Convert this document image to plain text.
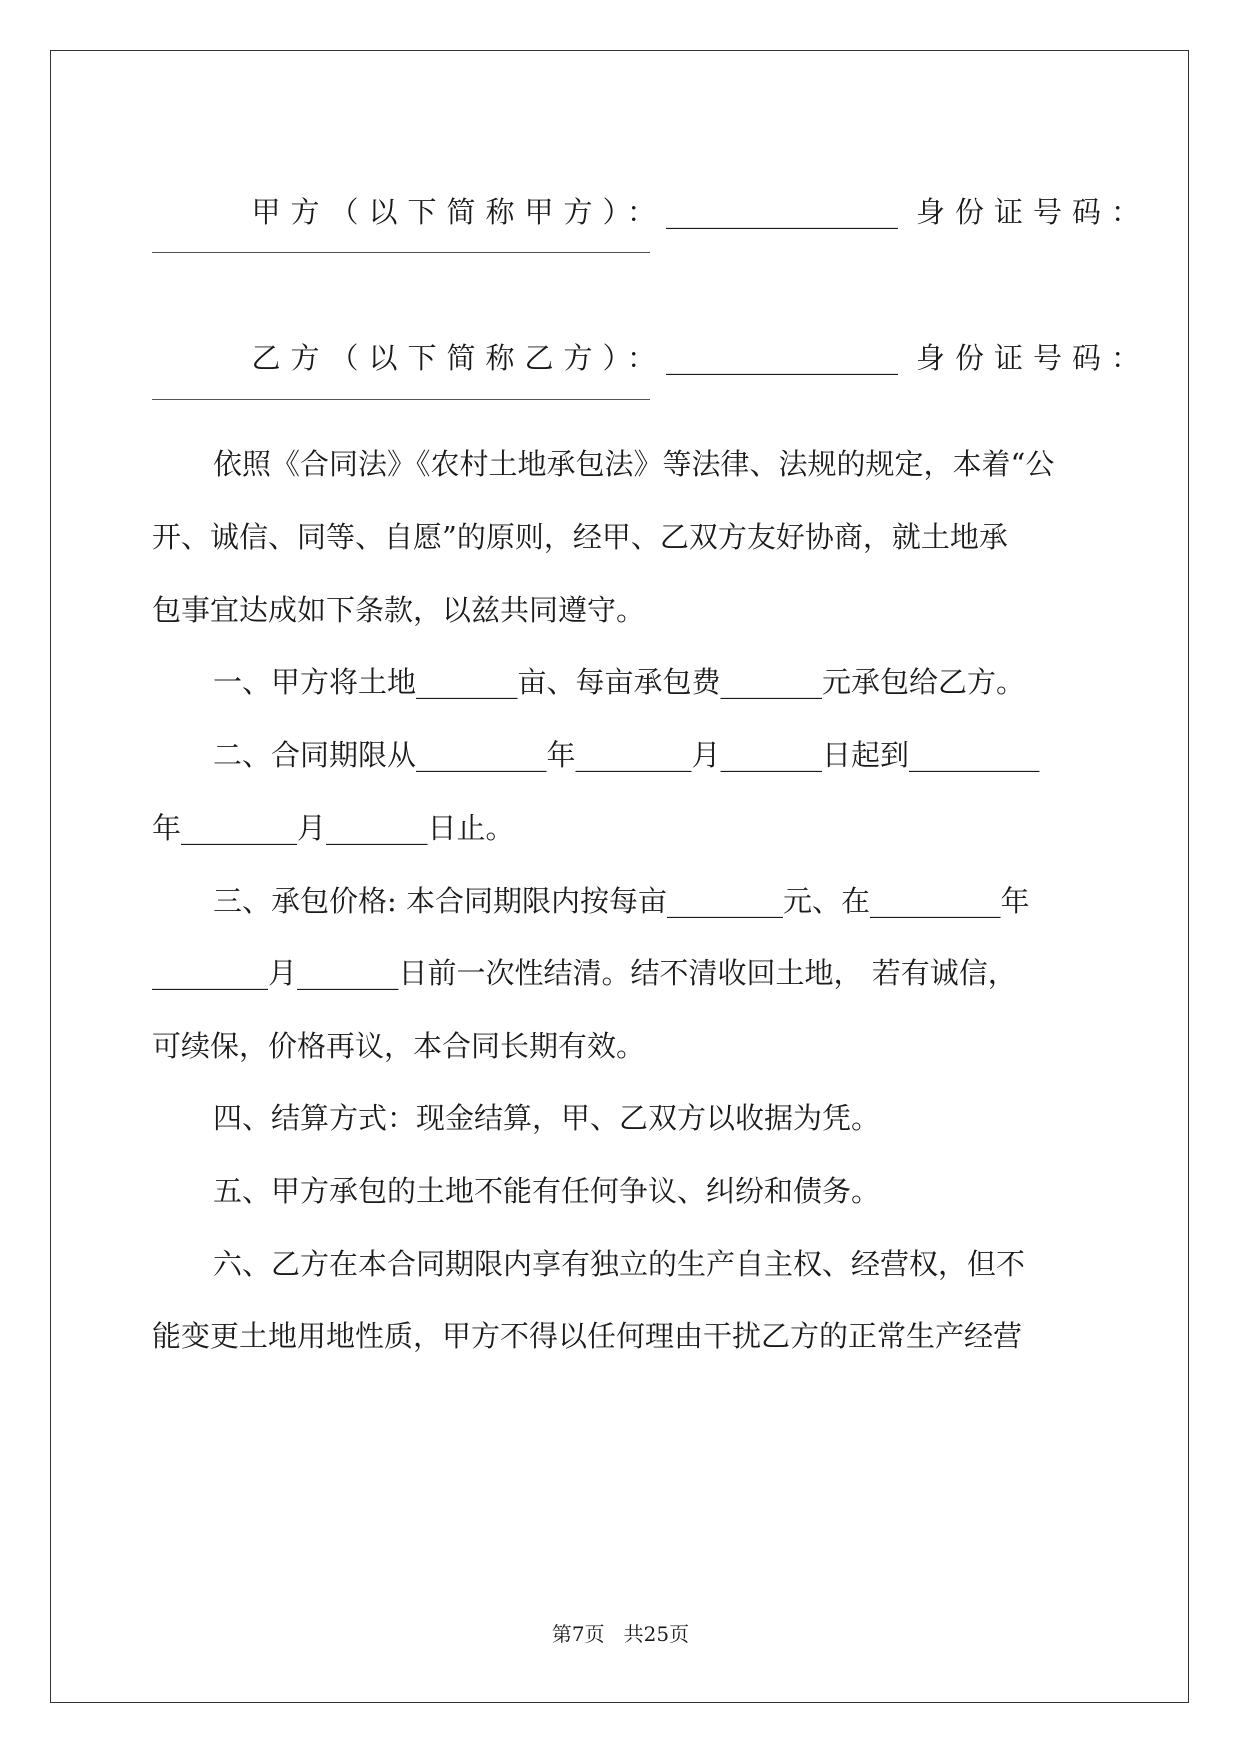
甲方（以下简称甲方）：________________ 身份证号码：

乙方（以下简称乙方）：________________ 身份证号码：

依照《合同法》《农村土地承包法》等法律、法规的规定，本着“公
开、诚信、同等、自愿”的原则，经甲、乙双方友好协商，就土地承
包事宜达成如下条款，以兹共同遵守。
一、甲方将土地_______亩、每亩承包费_______元承包给乙方。
二、合同期限从_________年________月_______日起到_________
年________月_______日止。
三、承包价格: 本合同期限内按每亩________元、在_________年
________月_______日前一次性结清。结不清收回土地， 若有诚信，
可续保，价格再议，本合同长期有效。
四、结算方式：现金结算，甲、乙双方以收据为凭。
五、甲方承包的土地不能有任何争议、纠纷和债务。
六、乙方在本合同期限内享有独立的生产自主权、经营权，但不
能变更土地用地性质，甲方不得以任何理由干扰乙方的正常生产经营
第7页   共25页
